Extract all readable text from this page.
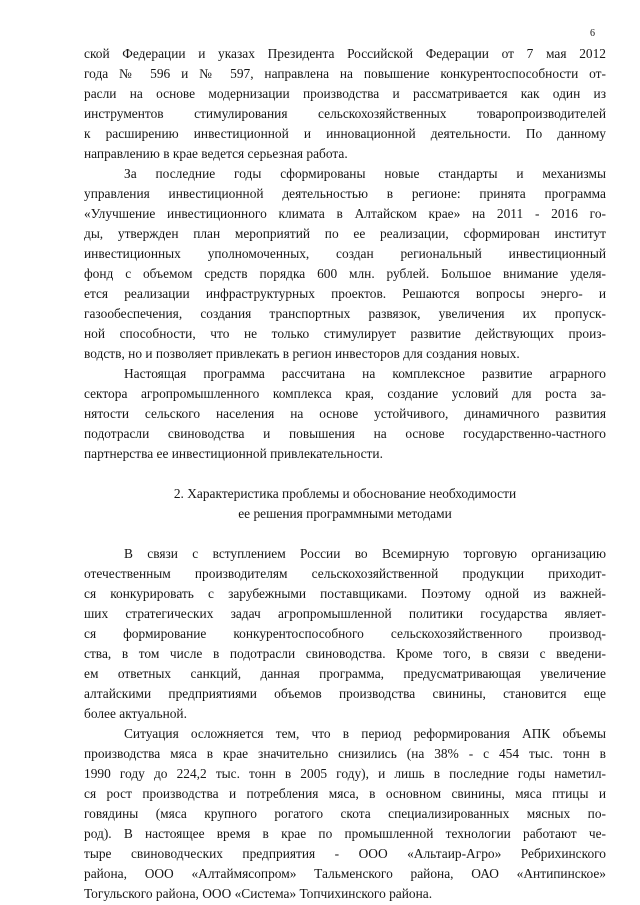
6
ской Федерации и указах Президента Российской Федерации от 7 мая 2012
года № 596 и № 597, направлена на повышение конкурентоспособности от-
расли на основе модернизации производства и рассматривается как один из
инструментов стимулирования сельскохозяйственных товаропроизводителей
к расширению инвестиционной и инновационной деятельности. По данному
направлению в крае ведется серьезная работа.
За последние годы сформированы новые стандарты и механизмы
управления инвестиционной деятельностью в регионе: принята программа
«Улучшение инвестиционного климата в Алтайском крае» на 2011 - 2016 го-
ды, утвержден план мероприятий по ее реализации, сформирован институт
инвестиционных уполномоченных, создан региональный инвестиционный
фонд с объемом средств порядка 600 млн. рублей. Большое внимание уделя-
ется реализации инфраструктурных проектов. Решаются вопросы энерго- и
газообеспечения, создания транспортных развязок, увеличения их пропуск-
ной способности, что не только стимулирует развитие действующих произ-
водств, но и позволяет привлекать в регион инвесторов для создания новых.
Настоящая программа рассчитана на комплексное развитие аграрного
сектора агропромышленного комплекса края, создание условий для роста за-
нятости сельского населения на основе устойчивого, динамичного развития
подотрасли свиноводства и повышения на основе государственно-частного
партнерства ее инвестиционной привлекательности.
2. Характеристика проблемы и обоснование необходимости
ее решения программными методами
В связи с вступлением России во Всемирную торговую организацию
отечественным производителям сельскохозяйственной продукции приходит-
ся конкурировать с зарубежными поставщиками. Поэтому одной из важней-
ших стратегических задач агропромышленной политики государства являет-
ся формирование конкурентоспособного сельскохозяйственного производ-
ства, в том числе в подотрасли свиноводства. Кроме того, в связи с введени-
ем ответных санкций, данная программа, предусматривающая увеличение
алтайскими предприятиями объемов производства свинины, становится еще
более актуальной.
Ситуация осложняется тем, что в период реформирования АПК объемы
производства мяса в крае значительно снизились (на 38% - с 454 тыс. тонн в
1990 году до 224,2 тыс. тонн в 2005 году), и лишь в последние годы наметил-
ся рост производства и потребления мяса, в основном свинины, мяса птицы и
говядины (мяса крупного рогатого скота специализированных мясных по-
род). В настоящее время в крае по промышленной технологии работают че-
тыре свиноводческих предприятия - ООО «Альтаир-Агро» Ребрихинского
района, ООО «Алтаймясопром» Тальменского района, ОАО «Антипинское»
Тогульского района, ООО «Система» Топчихинского района.
